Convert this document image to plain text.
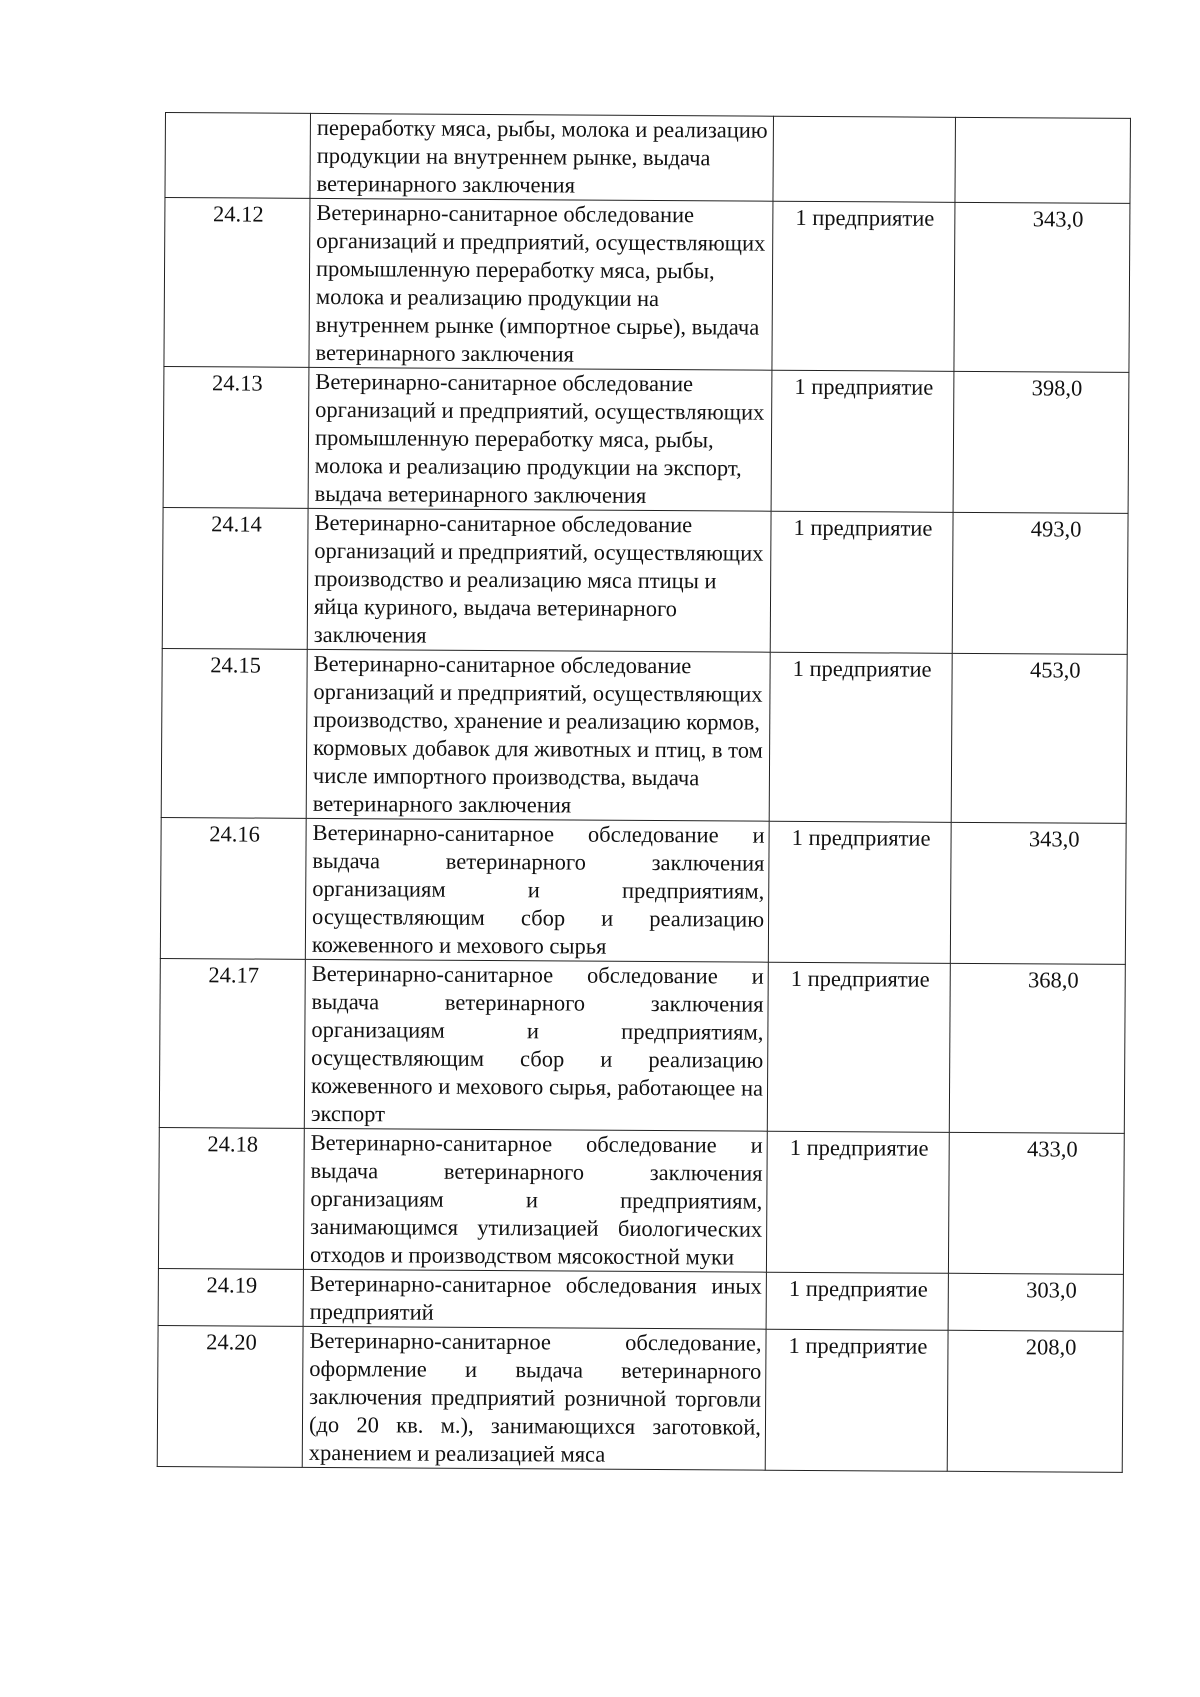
	переработку мяса, рыбы, молока и реализацию продукции на внутреннем рынке, выдача ветеринарного заключения		
24.12	Ветеринарно-санитарное обследование организаций и предприятий, осуществляющих промышленную переработку мяса, рыбы, молока и реализацию продукции на внутреннем рынке (импортное сырье), выдача ветеринарного заключения	1 предприятие	343,0
24.13	Ветеринарно-санитарное обследование организаций и предприятий, осуществляющих промышленную переработку мяса, рыбы, молока и реализацию продукции на экспорт, выдача ветеринарного заключения	1 предприятие	398,0
24.14	Ветеринарно-санитарное обследование организаций и предприятий, осуществляющих производство и реализацию мяса птицы и яйца куриного, выдача ветеринарного заключения	1 предприятие	493,0
24.15	Ветеринарно-санитарное обследование организаций и предприятий, осуществляющих производство, хранение и реализацию кормов, кормовых добавок для животных и птиц, в том числе импортного производства, выдача ветеринарного заключения	1 предприятие	453,0
24.16	Ветеринарно-санитарное обследование и выдача ветеринарного заключения организациям и предприятиям, осуществляющим сбор и реализацию кожевенного и мехового сырья	1 предприятие	343,0
24.17	Ветеринарно-санитарное обследование и выдача ветеринарного заключения организациям и предприятиям, осуществляющим сбор и реализацию кожевенного и мехового сырья, работающее на экспорт	1 предприятие	368,0
24.18	Ветеринарно-санитарное обследование и выдача ветеринарного заключения организациям и предприятиям, занимающимся утилизацией биологических отходов и производством мясокостной муки	1 предприятие	433,0
24.19	Ветеринарно-санитарное обследования иных предприятий	1 предприятие	303,0
24.20	Ветеринарно-санитарное обследование, оформление и выдача ветеринарного заключения предприятий розничной торговли (до 20 кв. м.), занимающихся заготовкой, хранением и реализацией мяса	1 предприятие	208,0
